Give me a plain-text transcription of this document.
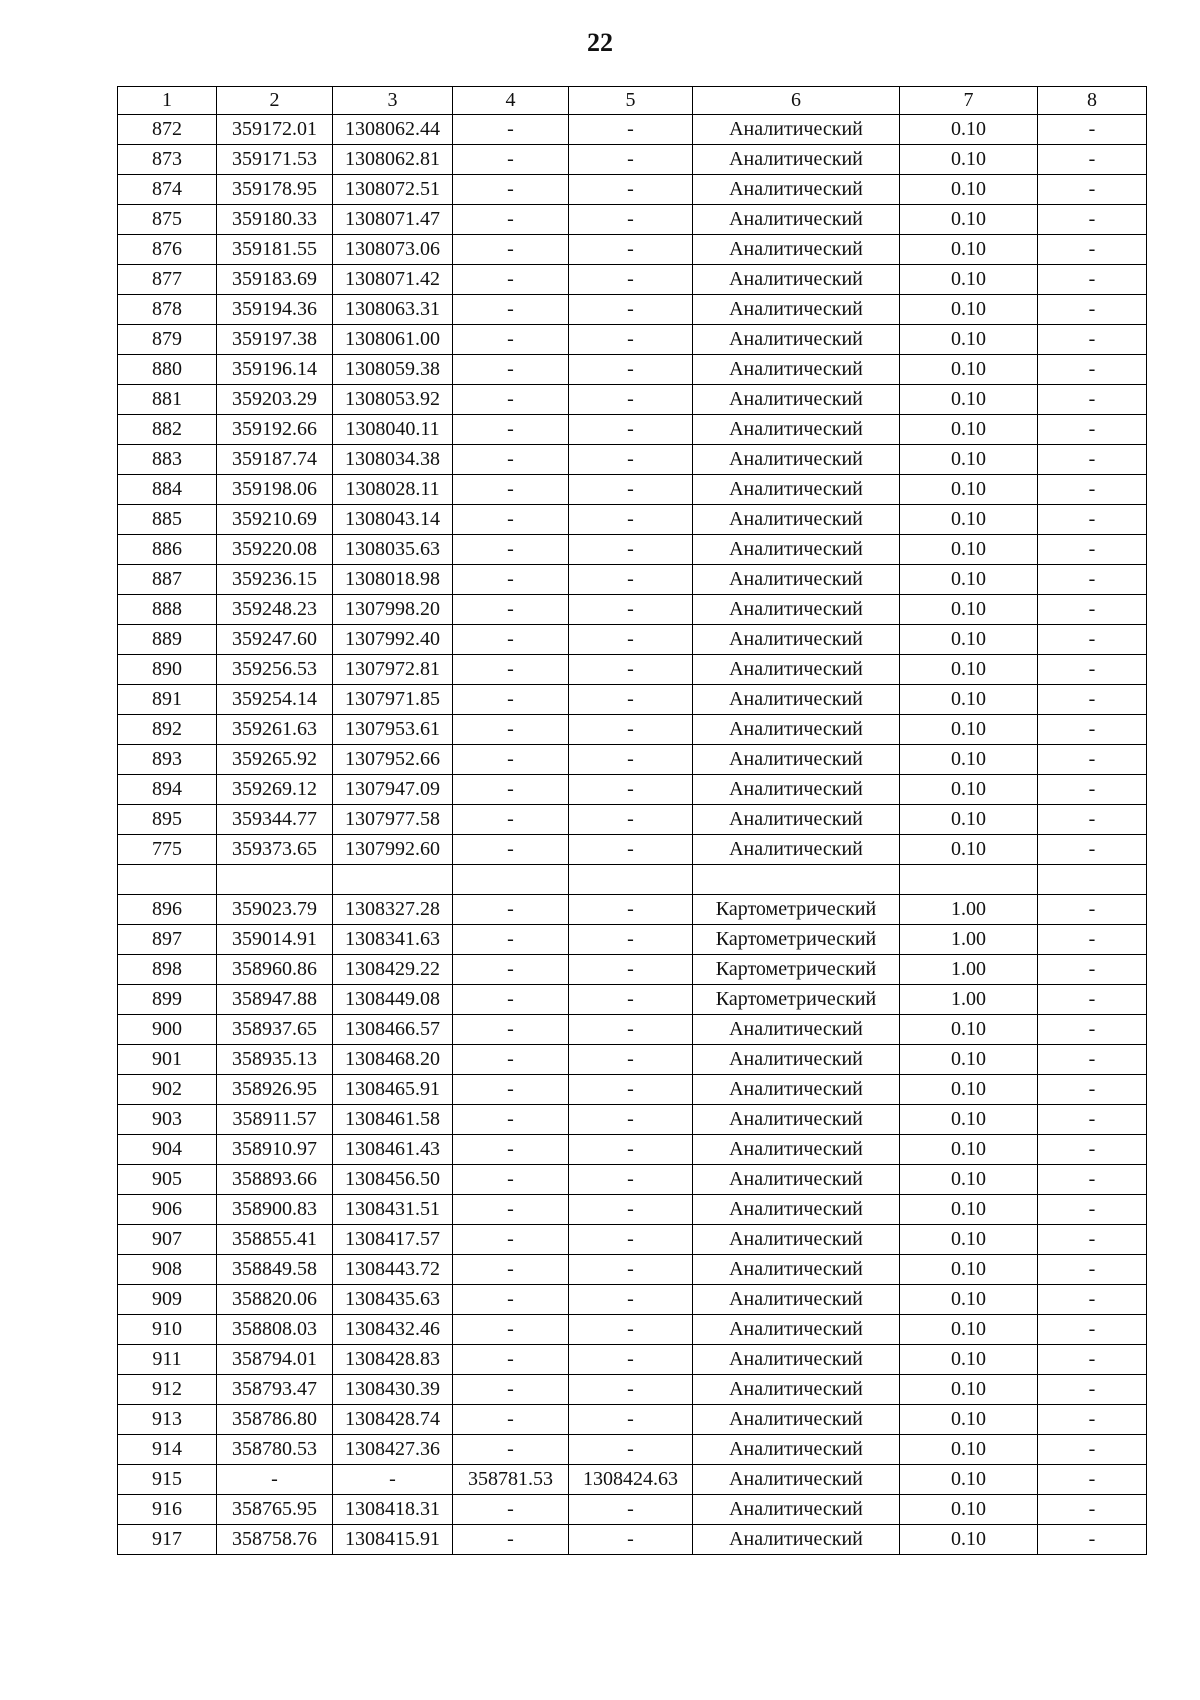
22
1	2	3	4	5	6	7	8
872	359172.01	1308062.44	-	-	Аналитический	0.10	-
873	359171.53	1308062.81	-	-	Аналитический	0.10	-
874	359178.95	1308072.51	-	-	Аналитический	0.10	-
875	359180.33	1308071.47	-	-	Аналитический	0.10	-
876	359181.55	1308073.06	-	-	Аналитический	0.10	-
877	359183.69	1308071.42	-	-	Аналитический	0.10	-
878	359194.36	1308063.31	-	-	Аналитический	0.10	-
879	359197.38	1308061.00	-	-	Аналитический	0.10	-
880	359196.14	1308059.38	-	-	Аналитический	0.10	-
881	359203.29	1308053.92	-	-	Аналитический	0.10	-
882	359192.66	1308040.11	-	-	Аналитический	0.10	-
883	359187.74	1308034.38	-	-	Аналитический	0.10	-
884	359198.06	1308028.11	-	-	Аналитический	0.10	-
885	359210.69	1308043.14	-	-	Аналитический	0.10	-
886	359220.08	1308035.63	-	-	Аналитический	0.10	-
887	359236.15	1308018.98	-	-	Аналитический	0.10	-
888	359248.23	1307998.20	-	-	Аналитический	0.10	-
889	359247.60	1307992.40	-	-	Аналитический	0.10	-
890	359256.53	1307972.81	-	-	Аналитический	0.10	-
891	359254.14	1307971.85	-	-	Аналитический	0.10	-
892	359261.63	1307953.61	-	-	Аналитический	0.10	-
893	359265.92	1307952.66	-	-	Аналитический	0.10	-
894	359269.12	1307947.09	-	-	Аналитический	0.10	-
895	359344.77	1307977.58	-	-	Аналитический	0.10	-
775	359373.65	1307992.60	-	-	Аналитический	0.10	-

896	359023.79	1308327.28	-	-	Картометрический	1.00	-
897	359014.91	1308341.63	-	-	Картометрический	1.00	-
898	358960.86	1308429.22	-	-	Картометрический	1.00	-
899	358947.88	1308449.08	-	-	Картометрический	1.00	-
900	358937.65	1308466.57	-	-	Аналитический	0.10	-
901	358935.13	1308468.20	-	-	Аналитический	0.10	-
902	358926.95	1308465.91	-	-	Аналитический	0.10	-
903	358911.57	1308461.58	-	-	Аналитический	0.10	-
904	358910.97	1308461.43	-	-	Аналитический	0.10	-
905	358893.66	1308456.50	-	-	Аналитический	0.10	-
906	358900.83	1308431.51	-	-	Аналитический	0.10	-
907	358855.41	1308417.57	-	-	Аналитический	0.10	-
908	358849.58	1308443.72	-	-	Аналитический	0.10	-
909	358820.06	1308435.63	-	-	Аналитический	0.10	-
910	358808.03	1308432.46	-	-	Аналитический	0.10	-
911	358794.01	1308428.83	-	-	Аналитический	0.10	-
912	358793.47	1308430.39	-	-	Аналитический	0.10	-
913	358786.80	1308428.74	-	-	Аналитический	0.10	-
914	358780.53	1308427.36	-	-	Аналитический	0.10	-
915	-	-	358781.53	1308424.63	Аналитический	0.10	-
916	358765.95	1308418.31	-	-	Аналитический	0.10	-
917	358758.76	1308415.91	-	-	Аналитический	0.10	-
